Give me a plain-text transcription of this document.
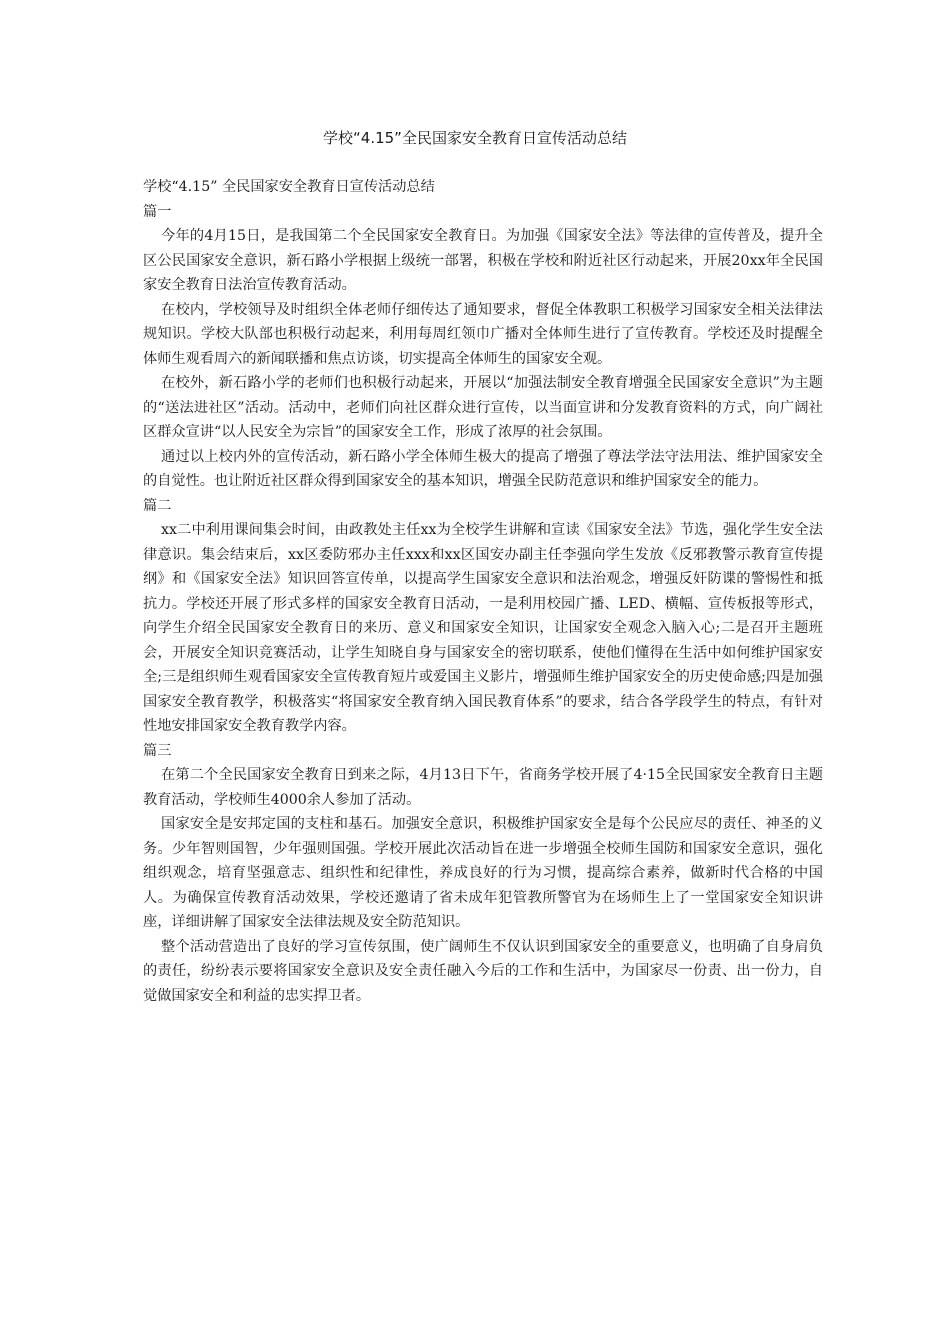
学校“4.15”全民国家安全教育日宣传活动总结

学校“4.15” 全民国家安全教育日宣传活动总结

篇一

今年的4月15日，是我国第二个全民国家安全教育日。为加强《国家安全法》等法律的宣传普及，提升全区公民国家安全意识，新石路小学根据上级统一部署，积极在学校和附近社区行动起来，开展20xx年全民国家安全教育日法治宣传教育活动。

在校内，学校领导及时组织全体老师仔细传达了通知要求，督促全体教职工积极学习国家安全相关法律法规知识。学校大队部也积极行动起来，利用每周红领巾广播对全体师生进行了宣传教育。学校还及时提醒全体师生观看周六的新闻联播和焦点访谈，切实提高全体师生的国家安全观。

在校外，新石路小学的老师们也积极行动起来，开展以“加强法制安全教育增强全民国家安全意识”为主题的“送法进社区”活动。活动中，老师们向社区群众进行宣传，以当面宣讲和分发教育资料的方式，向广阔社区群众宣讲“以人民安全为宗旨”的国家安全工作，形成了浓厚的社会氛围。

通过以上校内外的宣传活动，新石路小学全体师生极大的提高了增强了尊法学法守法用法、维护国家安全的自觉性。也让附近社区群众得到国家安全的基本知识，增强全民防范意识和维护国家安全的能力。

篇二

xx二中利用课间集会时间，由政教处主任xx为全校学生讲解和宣读《国家安全法》节选，强化学生安全法律意识。集会结束后，xx区委防邪办主任xxx和xx区国安办副主任李强向学生发放《反邪教警示教育宣传提纲》和《国家安全法》知识回答宣传单，以提高学生国家安全意识和法治观念，增强反奸防谍的警惕性和抵抗力。学校还开展了形式多样的国家安全教育日活动，一是利用校园广播、LED、横幅、宣传板报等形式，向学生介绍全民国家安全教育日的来历、意义和国家安全知识，让国家安全观念入脑入心;二是召开主题班会，开展安全知识竞赛活动，让学生知晓自身与国家安全的密切联系，使他们懂得在生活中如何维护国家安全;三是组织师生观看国家安全宣传教育短片或爱国主义影片，增强师生维护国家安全的历史使命感;四是加强国家安全教育教学，积极落实“将国家安全教育纳入国民教育体系”的要求，结合各学段学生的特点，有针对性地安排国家安全教育教学内容。

篇三

在第二个全民国家安全教育日到来之际，4月13日下午，省商务学校开展了4·15全民国家安全教育日主题教育活动，学校师生4000余人参加了活动。

国家安全是安邦定国的支柱和基石。加强安全意识，积极维护国家安全是每个公民应尽的责任、神圣的义务。少年智则国智，少年强则国强。学校开展此次活动旨在进一步增强全校师生国防和国家安全意识，强化组织观念，培育坚强意志、组织性和纪律性，养成良好的行为习惯，提高综合素养，做新时代合格的中国人。为确保宣传教育活动效果，学校还邀请了省未成年犯管教所警官为在场师生上了一堂国家安全知识讲座，详细讲解了国家安全法律法规及安全防范知识。

整个活动营造出了良好的学习宣传氛围，使广阔师生不仅认识到国家安全的重要意义，也明确了自身肩负的责任，纷纷表示要将国家安全意识及安全责任融入今后的工作和生活中，为国家尽一份责、出一份力，自觉做国家安全和利益的忠实捍卫者。
